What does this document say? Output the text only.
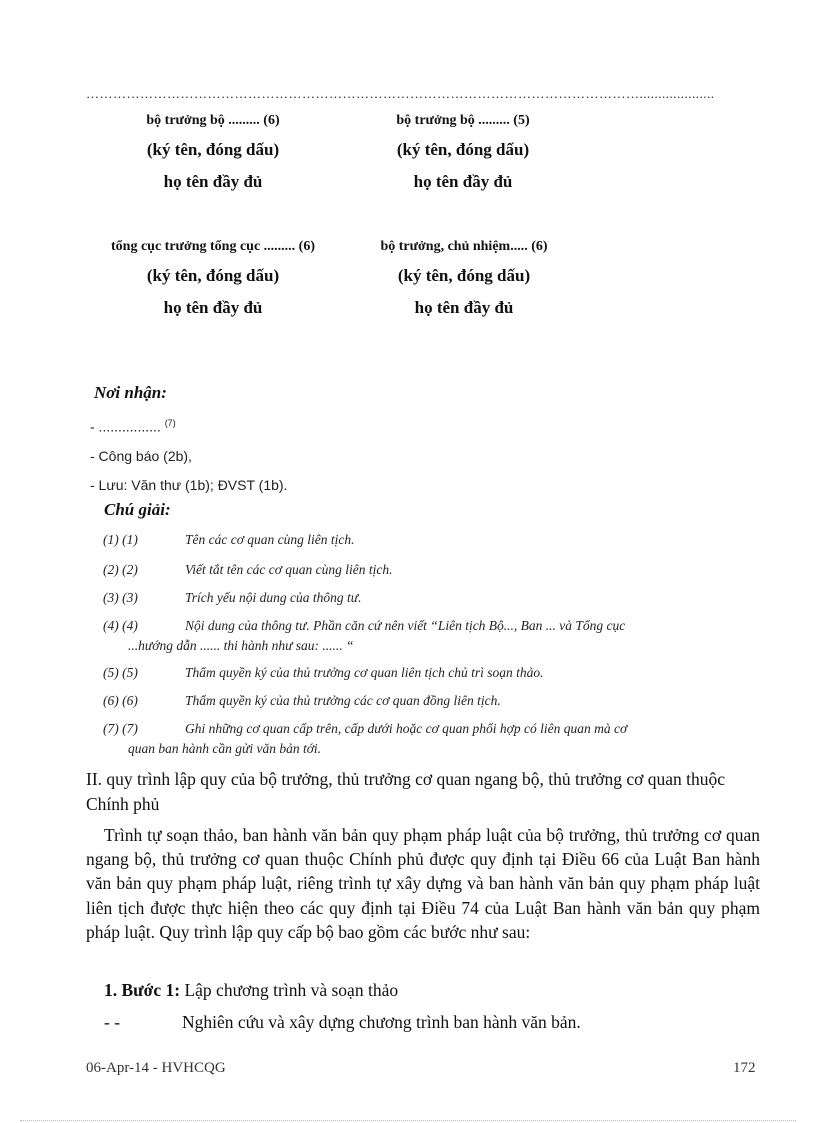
……………………………………………………………………………………………………………....................
bộ trưởng bộ ......... (6)
(ký tên, đóng dấu)
họ tên đầy đủ
bộ trưởng bộ ......... (5)
(ký tên, đóng dấu)
họ tên đầy đủ
tổng cục trưởng tổng cục ......... (6)
(ký tên, đóng dấu)
họ tên đầy đủ
bộ trưởng, chủ nhiệm..... (6)
(ký tên, đóng dấu)
họ tên đầy đủ
Nơi nhận:
- ................ $^{(7)}$
- Công báo (2b),
- Lưu: Văn thư (1b); ĐVST (1b).
Chú giải:
(1) (1)	Tên các cơ quan cùng liên tịch.
(2) (2)	Viết tắt tên các cơ quan cùng liên tịch.
(3) (3)	Trích yếu nội dung của thông tư.
(4) (4)	Nội dung của thông tư. Phần căn cứ nên viết “Liên tịch Bộ..., Ban ... và Tổng cục
...hướng dẫn ...... thi hành như sau: ...... “
(5) (5)	Thẩm quyền ký của thủ trưởng cơ quan liên tịch chủ trì soạn thảo.
(6) (6)	Thẩm quyền ký của thủ trưởng các cơ quan đồng liên tịch.
(7) (7)	Ghi những cơ quan cấp trên, cấp dưới hoặc cơ quan phối hợp có liên quan mà cơ
quan ban hành cần gửi văn bản tới.
II. quy trình lập quy của bộ trưởng, thủ trưởng cơ quan ngang bộ, thủ trưởng cơ quan thuộc Chính phủ
Trình tự soạn thảo, ban hành văn bản quy phạm pháp luật của bộ trưởng, thủ trưởng cơ quan ngang bộ, thủ trưởng cơ quan thuộc Chính phủ được quy định tại Điều 66 của Luật Ban hành văn bản quy phạm pháp luật, riêng trình tự xây dựng và ban hành văn bản quy phạm pháp luật liên tịch được thực hiện theo các quy định tại Điều 74 của Luật Ban hành văn bản quy phạm pháp luật. Quy trình lập quy cấp bộ bao gồm các bước như sau:
1. Bước 1: Lập chương trình và soạn thảo
- -	Nghiên cứu và xây dựng chương trình ban hành văn bản.
06-Apr-14 - HVHCQG	172
